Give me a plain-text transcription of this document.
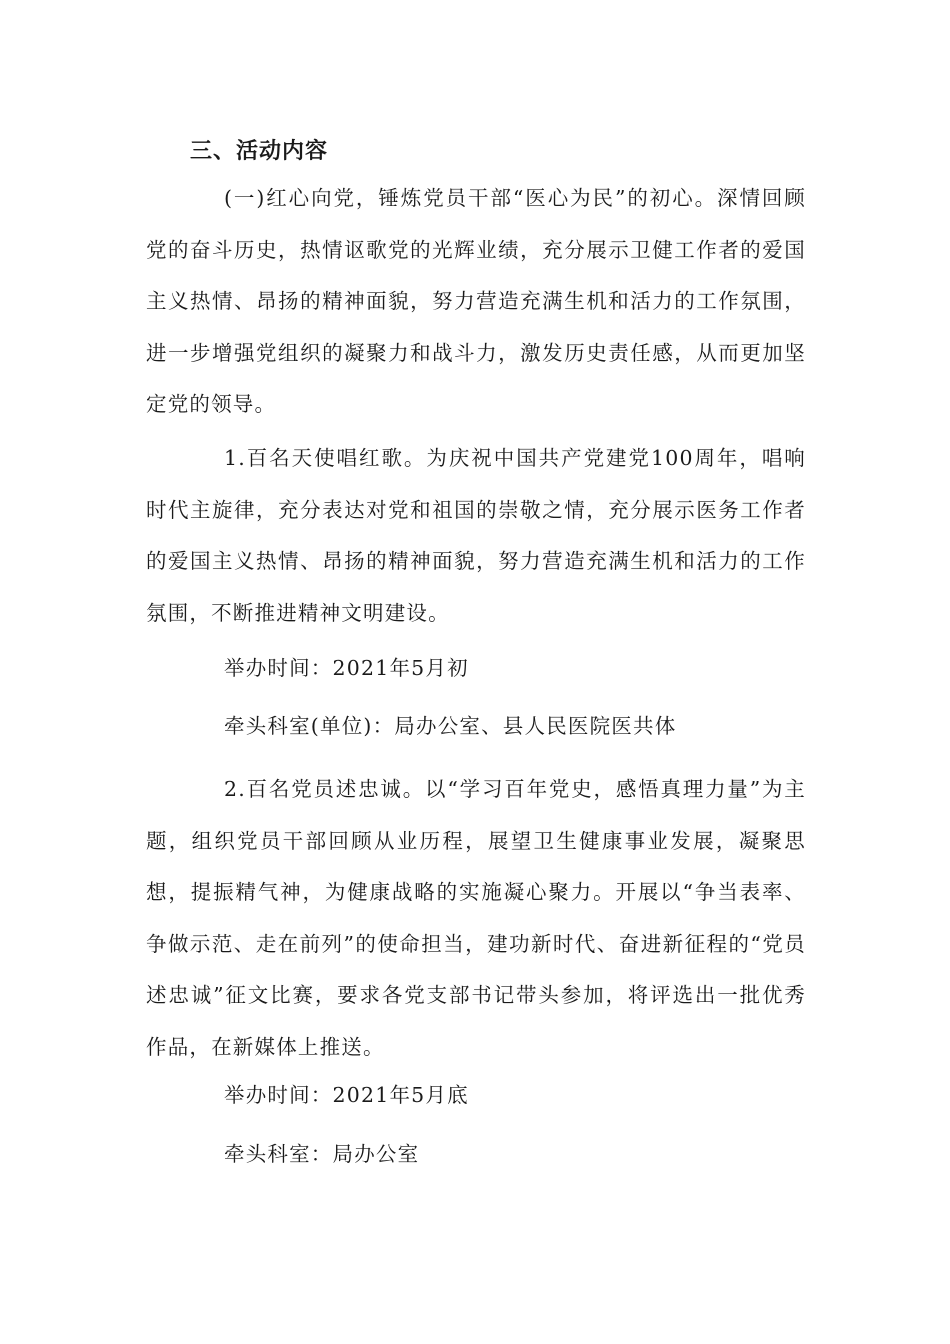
三、活动内容

(一)红心向党，锤炼党员干部“医心为民”的初心。深情回顾党的奋斗历史，热情讴歌党的光辉业绩，充分展示卫健工作者的爱国主义热情、昂扬的精神面貌，努力营造充满生机和活力的工作氛围，进一步增强党组织的凝聚力和战斗力，激发历史责任感，从而更加坚定党的领导。

1.百名天使唱红歌。为庆祝中国共产党建党100周年，唱响时代主旋律，充分表达对党和祖国的崇敬之情，充分展示医务工作者的爱国主义热情、昂扬的精神面貌，努力营造充满生机和活力的工作氛围，不断推进精神文明建设。

举办时间：2021年5月初

牵头科室(单位)：局办公室、县人民医院医共体

2.百名党员述忠诚。以“学习百年党史，感悟真理力量”为主题，组织党员干部回顾从业历程，展望卫生健康事业发展，凝聚思想，提振精气神，为健康战略的实施凝心聚力。开展以“争当表率、争做示范、走在前列”的使命担当，建功新时代、奋进新征程的“党员述忠诚”征文比赛，要求各党支部书记带头参加，将评选出一批优秀作品，在新媒体上推送。

举办时间：2021年5月底

牵头科室：局办公室
